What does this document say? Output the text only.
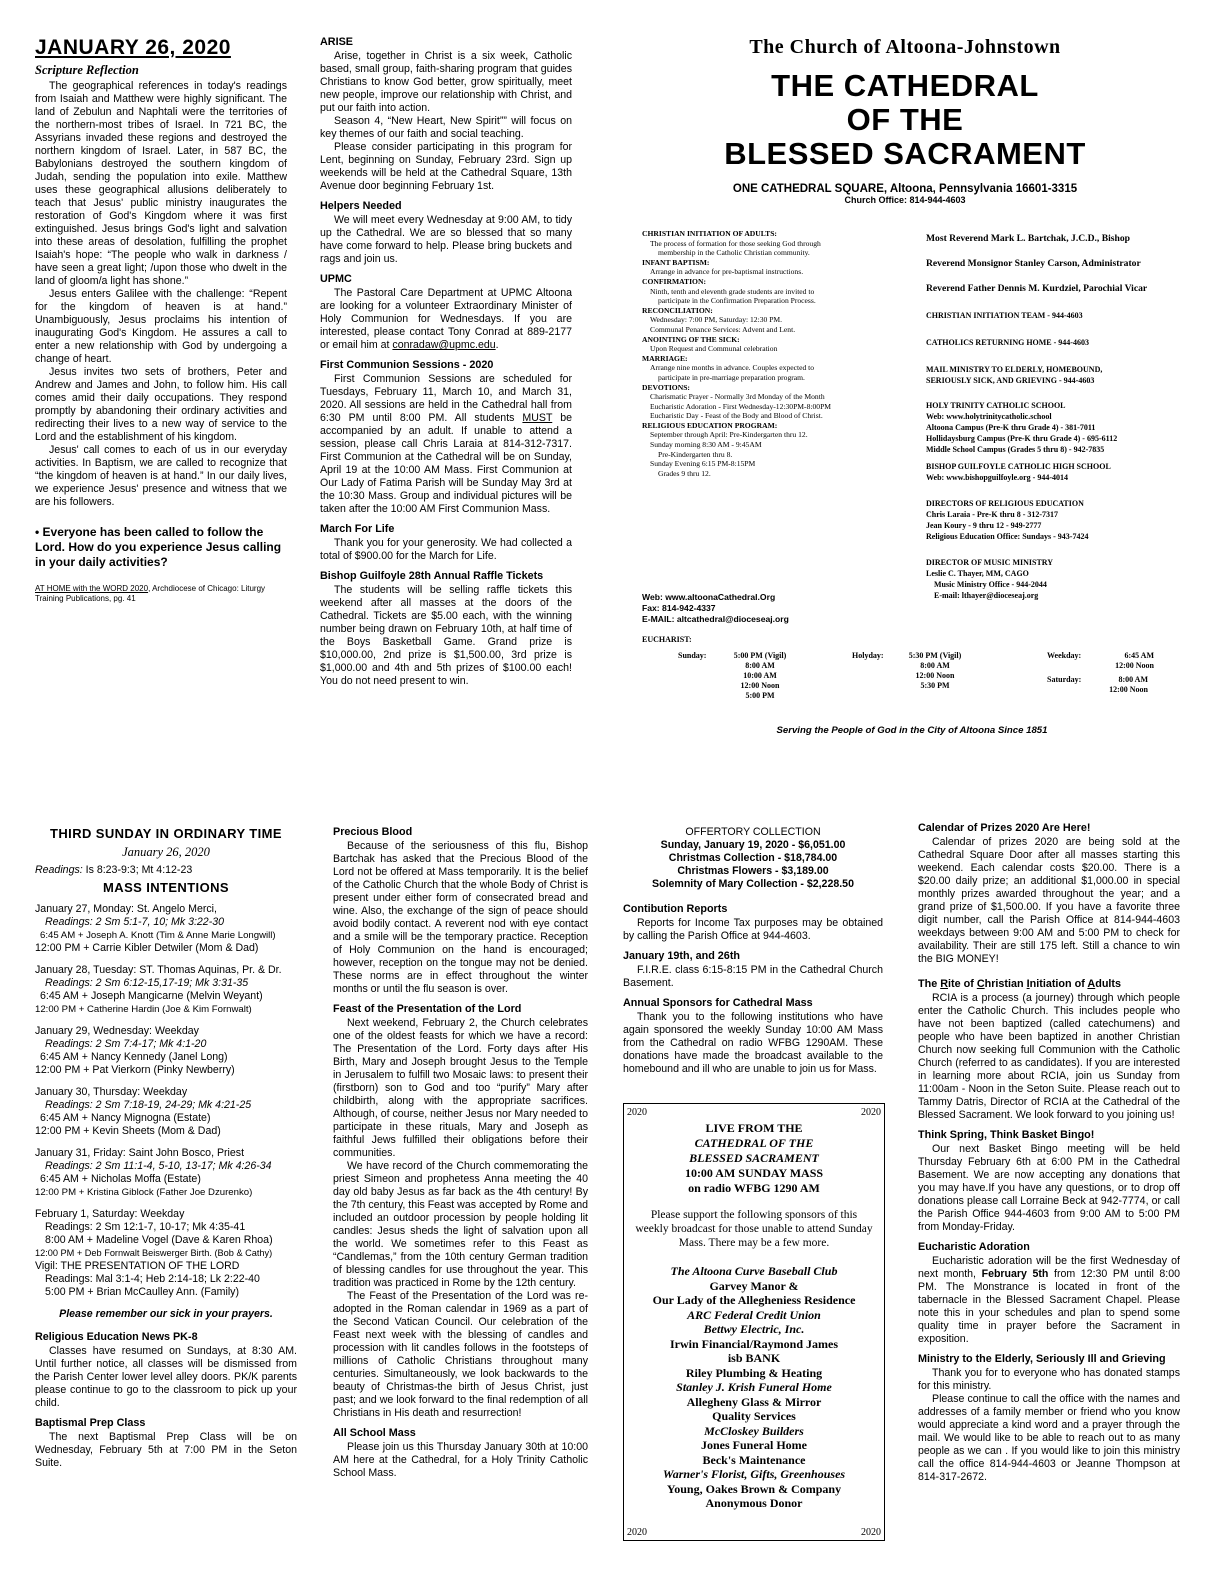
JANUARY 26, 2020
Scripture Reflection

The geographical references in today's readings from Isaiah and Matthew were highly significant. The land of Zebulun and Naphtali were the territories of the northern-most tribes of Israel. In 721 BC, the Assyrians invaded these regions and destroyed the northern kingdom of Israel. Later, in 587 BC, the Babylonians destroyed the southern kingdom of Judah, sending the population into exile. Matthew uses these geographical allusions deliberately to teach that Jesus' public ministry inaugurates the restoration of God's Kingdom where it was first extinguished. Jesus brings God's light and salvation into these areas of desolation, fulfilling the prophet Isaiah's hope: “The people who walk in darkness / have seen a great light; /upon those who dwelt in the land of gloom/a light has shone.”

Jesus enters Galilee with the challenge: “Repent for the kingdom of heaven is at hand.” Unambiguously, Jesus proclaims his intention of inaugurating God's Kingdom. He assures a call to enter a new relationship with God by undergoing a change of heart.

Jesus invites two sets of brothers, Peter and Andrew and James and John, to follow him. His call comes amid their daily occupations. They respond promptly by abandoning their ordinary activities and redirecting their lives to a new way of service to the Lord and the establishment of his kingdom.

Jesus' call comes to each of us in our everyday activities. In Baptism, we are called to recognize that “the kingdom of heaven is at hand.” In our daily lives, we experience Jesus' presence and witness that we are his followers.

• Everyone has been called to follow the Lord. How do you experience Jesus calling in your daily activities?
AT HOME with the WORD 2020, Archdiocese of Chicago: Liturgy Training Publications, pg. 41
ARISE

Arise, together in Christ is a six week, Catholic based, small group, faith-sharing program that guides Christians to know God better, grow spiritually, meet new people, improve our relationship with Christ, and put our faith into action.

Season 4, “New Heart, New Spirit”” will focus on key themes of our faith and social teaching.

Please consider participating in this program for Lent, beginning on Sunday, February 23rd. Sign up weekends will be held at the Cathedral Square, 13th Avenue door beginning February 1st.

Helpers Needed

We will meet every Wednesday at 9:00 AM, to tidy up the Cathedral. We are so blessed that so many have come forward to help. Please bring buckets and rags and join us.

UPMC

The Pastoral Care Department at UPMC Altoona are looking for a volunteer Extraordinary Minister of Holy Communion for Wednesdays. If you are interested, please contact Tony Conrad at 889-2177 or email him at conradaw@upmc.edu.

First Communion Sessions - 2020

First Communion Sessions are scheduled for Tuesdays, February 11, March 10, and March 31, 2020. All sessions are held in the Cathedral hall from 6:30 PM until 8:00 PM. All students MUST be accompanied by an adult. If unable to attend a session, please call Chris Laraia at 814-312-7317. First Communion at the Cathedral will be on Sunday, April 19 at the 10:00 AM Mass. First Communion at Our Lady of Fatima Parish will be Sunday May 3rd at the 10:30 Mass. Group and individual pictures will be taken after the 10:00 AM First Communion Mass.

March For Life

Thank you for your generosity. We had collected a total of $900.00 for the March for Life.

Bishop Guilfoyle 28th Annual Raffle Tickets

The students will be selling raffle tickets this weekend after all masses at the doors of the Cathedral. Tickets are $5.00 each, with the winning number being drawn on February 10th, at half time of the Boys Basketball Game. Grand prize is $10,000.00, 2nd prize is $1,500.00, 3rd prize is $1,000.00 and 4th and 5th prizes of $100.00 each! You do not need present to win.

The Church of Altoona-Johnstown
THE CATHEDRAL
OF THE
BLESSED SACRAMENT
ONE CATHEDRAL SQUARE, Altoona, Pennsylvania 16601-3315
Church Office: 814-944-4603
CHRISTIAN INITIATION OF ADULTS:
The process of formation for those seeking God through
membership in the Catholic Christian community.
INFANT BAPTISM:
Arrange in advance for pre-baptismal instructions.
CONFIRMATION:
Ninth, tenth and eleventh grade students are invited to
participate in the Confirmation Preparation Process.
RECONCILIATION:
Wednesday: 7:00 PM, Saturday: 12:30 PM.
Communal Penance Services: Advent and Lent.
ANOINTING OF THE SICK:
Upon Request and Communal celebration
MARRIAGE:
Arrange nine months in advance. Couples expected to
participate in pre-marriage preparation program.
DEVOTIONS:
Charismatic Prayer - Normally 3rd Monday of the Month
Eucharistic Adoration - First Wednesday-12:30PM-8:00PM
Eucharistic Day - Feast of the Body and Blood of Christ.
RELIGIOUS EDUCATION PROGRAM:
September through April: Pre-Kindergarten thru 12.
Sunday morning 8:30 AM - 9:45AM
Pre-Kindergarten thru 8.
Sunday Evening 6:15 PM-8:15PM
Grades 9 thru 12.
Most Reverend Mark L. Bartchak, J.C.D., Bishop
Reverend Monsignor Stanley Carson, Administrator
Reverend Father Dennis M. Kurdziel, Parochial Vicar
CHRISTIAN INITIATION TEAM - 944-4603
CATHOLICS RETURNING HOME - 944-4603
MAIL MINISTRY TO ELDERLY, HOMEBOUND,
SERIOUSLY SICK, AND GRIEVING - 944-4603
HOLY TRINITY CATHOLIC SCHOOL
Web: www.holytrinitycatholic.school
Altoona Campus (Pre-K thru Grade 4) - 381-7011
Hollidaysburg Campus (Pre-K thru Grade 4) - 695-6112
Middle School Campus (Grades 5 thru 8) - 942-7835
BISHOP GUILFOYLE CATHOLIC HIGH SCHOOL
Web: www.bishopguilfoyle.org - 944-4014
DIRECTORS OF RELIGIOUS EDUCATION
Chris Laraia - Pre-K thru 8 - 312-7317
Jean Koury - 9 thru 12 - 949-2777
Religious Education Office: Sundays - 943-7424
DIRECTOR OF MUSIC MINISTRY
Leslie C. Thayer, MM, CAGO
Music Ministry Office - 944-2044
E-mail: lthayer@dioceseaj.org
Web: www.altoonaCathedral.Org
Fax: 814-942-4337
E-MAIL: altcathedral@dioceseaj.org
EUCHARIST:
Sunday:	5:00 PM (Vigil)
8:00 AM
10:00 AM
12:00 Noon
5:00 PM
Holyday:	5:30 PM (Vigil)
8:00 AM
12:00 Noon
5:30 PM
Weekday:	6:45 AM
12:00 Noon
Saturday:	8:00 AM
12:00 Noon
Serving the People of God in the City of Altoona Since 1851
THIRD SUNDAY IN ORDINARY TIME
January 26, 2020
Readings: Is 8:23-9:3; Mt 4:12-23
MASS INTENTIONS
January 27, Monday: St. Angelo Merci,
Readings: 2 Sm 5:1-7, 10; Mk 3:22-30
6:45 AM + Joseph A. Knott (Tim & Anne Marie Longwill)
12:00 PM + Carrie Kibler Detwiler (Mom & Dad)
January 28, Tuesday: ST. Thomas Aquinas, Pr. & Dr.
Readings: 2 Sm 6:12-15,17-19; Mk 3:31-35
6:45 AM + Joseph Mangicarne (Melvin Weyant)
12:00 PM + Catherine Hardin (Joe & Kim Fornwalt)
January 29, Wednesday: Weekday
Readings: 2 Sm 7:4-17; Mk 4:1-20
6:45 AM + Nancy Kennedy (Janel Long)
12:00 PM + Pat Vierkorn (Pinky Newberry)
January 30, Thursday: Weekday
Readings: 2 Sm 7:18-19, 24-29; Mk 4:21-25
6:45 AM + Nancy Mignogna (Estate)
12:00 PM + Kevin Sheets (Mom & Dad)
January 31, Friday: Saint John Bosco, Priest
Readings: 2 Sm 11:1-4, 5-10, 13-17; Mk 4:26-34
6:45 AM + Nicholas Moffa (Estate)
12:00 PM + Kristina Giblock (Father Joe Dzurenko)
February 1, Saturday: Weekday
Readings: 2 Sm 12:1-7, 10-17; Mk 4:35-41
8:00 AM + Madeline Vogel (Dave & Karen Rhoa)
12:00 PM + Deb Fornwalt Beiswerger Birth. (Bob & Cathy)
Vigil: THE PRESENTATION OF THE LORD
Readings: Mal 3:1-4; Heb 2:14-18; Lk 2:22-40
5:00 PM + Brian McCaulley Ann. (Family)
Please remember our sick in your prayers.
Religious Education News PK-8

Classes have resumed on Sundays, at 8:30 AM. Until further notice, all classes will be dismissed from the Parish Center lower level alley doors. PK/K parents please continue to go to the classroom to pick up your child.

Baptismal Prep Class

The next Baptismal Prep Class will be on Wednesday, February 5th at 7:00 PM in the Seton Suite.

Precious Blood

Because of the seriousness of this flu, Bishop Bartchak has asked that the Precious Blood of the Lord not be offered at Mass temporarily. It is the belief of the Catholic Church that the whole Body of Christ is present under either form of consecrated bread and wine. Also, the exchange of the sign of peace should avoid bodily contact. A reverent nod with eye contact and a smile will be the temporary practice. Reception of Holy Communion on the hand is encouraged; however, reception on the tongue may not be denied. These norms are in effect throughout the winter months or until the flu season is over.

Feast of the Presentation of the Lord

Next weekend, February 2, the Church celebrates one of the oldest feasts for which we have a record: The Presentation of the Lord. Forty days after His Birth, Mary and Joseph brought Jesus to the Temple in Jerusalem to fulfill two Mosaic laws: to present their (firstborn) son to God and too “purify” Mary after childbirth, along with the appropriate sacrifices. Although, of course, neither Jesus nor Mary needed to participate in these rituals, Mary and Joseph as faithful Jews fulfilled their obligations before their communities.

We have record of the Church commemorating the priest Simeon and prophetess Anna meeting the 40 day old baby Jesus as far back as the 4th century! By the 7th century, this Feast was accepted by Rome and included an outdoor procession by people holding lit candles: Jesus sheds the light of salvation upon all the world. We sometimes refer to this Feast as “Candlemas,” from the 10th century German tradition of blessing candles for use throughout the year. This tradition was practiced in Rome by the 12th century.

The Feast of the Presentation of the Lord was re-adopted in the Roman calendar in 1969 as a part of the Second Vatican Council. Our celebration of the Feast next week with the blessing of candles and procession with lit candles follows in the footsteps of millions of Catholic Christians throughout many centuries. Simultaneously, we look backwards to the beauty of Christmas-the birth of Jesus Christ, just past; and we look forward to the final redemption of all Christians in His death and resurrection!

All School Mass

Please join us this Thursday January 30th at 10:00 AM here at the Cathedral, for a Holy Trinity Catholic School Mass.

OFFERTORY COLLECTION
Sunday, January 19, 2020 - $6,051.00
Christmas Collection - $18,784.00
Christmas Flowers - $3,189.00
Solemnity of Mary Collection - $2,228.50
Contibution Reports

Reports for Income Tax purposes may be obtained by calling the Parish Office at 944-4603.

January 19th, and 26th

F.I.R.E. class 6:15-8:15 PM in the Cathedral Church Basement.

Annual Sponsors for Cathedral Mass

Thank you to the following institutions who have again sponsored the weekly Sunday 10:00 AM Mass from the Cathedral on radio WFBG 1290AM. These donations have made the broadcast available to the homebound and ill who are unable to join us for Mass.

2020	2020
2020	2020
LIVE FROM THE
CATHEDRAL OF THE
BLESSED SACRAMENT
10:00 AM SUNDAY MASS
on radio WFBG 1290 AM
Please support the following sponsors of this weekly broadcast for those unable to attend Sunday Mass. There may be a few more.
The Altoona Curve Baseball Club
Garvey Manor &
Our Lady of the Allegheniess Residence
ARC Federal Credit Union
Bettwy Electric, Inc.
Irwin Financial/Raymond James
isb BANK
Riley Plumbing & Heating
Stanley J. Krish Funeral Home
Allegheny Glass & Mirror
Quality Services
McCloskey Builders
Jones Funeral Home
Beck's Maintenance
Warner's Florist, Gifts, Greenhouses
Young, Oakes Brown & Company
Anonymous Donor
Calendar of Prizes 2020 Are Here!

Calendar of prizes 2020 are being sold at the Cathedral Square Door after all masses starting this weekend. Each calendar costs $20.00. There is a $20.00 daily prize; an additional $1,000.00 in special monthly prizes awarded throughout the year; and a grand prize of $1,500.00. If you have a favorite three digit number, call the Parish Office at 814-944-4603 weekdays between 9:00 AM and 5:00 PM to check for availability. Their are still 175 left. Still a chance to win the BIG MONEY!

The Rite of Christian Initiation of Adults

RCIA is a process (a journey) through which people enter the Catholic Church. This includes people who have not been baptized (called catechumens) and people who have been baptized in another Christian Church now seeking full Communion with the Catholic Church (referred to as candidates). If you are interested in learning more about RCIA, join us Sunday from 11:00am - Noon in the Seton Suite. Please reach out to Tammy Datris, Director of RCIA at the Cathedral of the Blessed Sacrament. We look forward to you joining us!

Think Spring, Think Basket Bingo!

Our next Basket Bingo meeting will be held Thursday February 6th at 6:00 PM in the Cathedral Basement. We are now accepting any donations that you may have.If you have any questions, or to drop off donations please call Lorraine Beck at 942-7774, or call the Parish Office 944-4603 from 9:00 AM to 5:00 PM from Monday-Friday.

Eucharistic Adoration

Eucharistic adoration will be the first Wednesday of next month, February 5th from 12:30 PM until 8:00 PM. The Monstrance is located in front of the tabernacle in the Blessed Sacrament Chapel. Please note this in your schedules and plan to spend some quality time in prayer before the Sacrament in exposition.

Ministry to the Elderly, Seriously Ill and Grieving

Thank you for to everyone who has donated stamps for this ministry.

Please continue to call the office with the names and addresses of a family member or friend who you know would appreciate a kind word and a prayer through the mail. We would like to be able to reach out to as many people as we can . If you would like to join this ministry call the office 814-944-4603 or Jeanne Thompson at 814-317-2672.
